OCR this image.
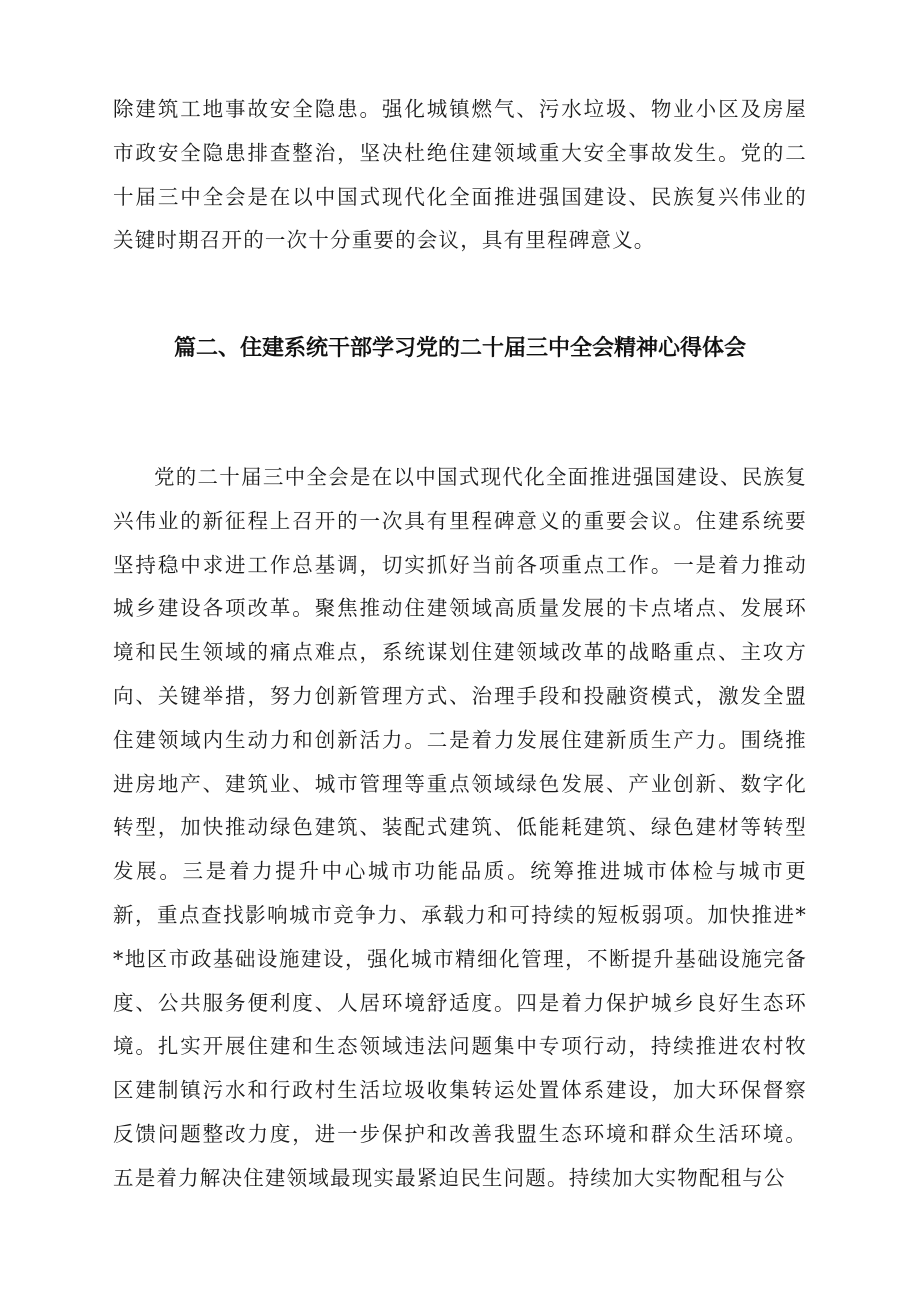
除建筑工地事故安全隐患。强化城镇燃气、污水垃圾、物业小区及房屋市政安全隐患排查整治，坚决杜绝住建领域重大安全事故发生。党的二十届三中全会是在以中国式现代化全面推进强国建设、民族复兴伟业的关键时期召开的一次十分重要的会议，具有里程碑意义。

篇二、住建系统干部学习党的二十届三中全会精神心得体会

党的二十届三中全会是在以中国式现代化全面推进强国建设、民族复兴伟业的新征程上召开的一次具有里程碑意义的重要会议。住建系统要坚持稳中求进工作总基调，切实抓好当前各项重点工作。一是着力推动城乡建设各项改革。聚焦推动住建领域高质量发展的卡点堵点、发展环境和民生领域的痛点难点，系统谋划住建领域改革的战略重点、主攻方向、关键举措，努力创新管理方式、治理手段和投融资模式，激发全盟住建领域内生动力和创新活力。二是着力发展住建新质生产力。围绕推进房地产、建筑业、城市管理等重点领域绿色发展、产业创新、数字化转型，加快推动绿色建筑、装配式建筑、低能耗建筑、绿色建材等转型发展。三是着力提升中心城市功能品质。统筹推进城市体检与城市更新，重点查找影响城市竞争力、承载力和可持续的短板弱项。加快推进**地区市政基础设施建设，强化城市精细化管理，不断提升基础设施完备度、公共服务便利度、人居环境舒适度。四是着力保护城乡良好生态环境。扎实开展住建和生态领域违法问题集中专项行动，持续推进农村牧区建制镇污水和行政村生活垃圾收集转运处置体系建设，加大环保督察反馈问题整改力度，进一步保护和改善我盟生态环境和群众生活环境。五是着力解决住建领域最现实最紧迫民生问题。持续加大实物配租与公
